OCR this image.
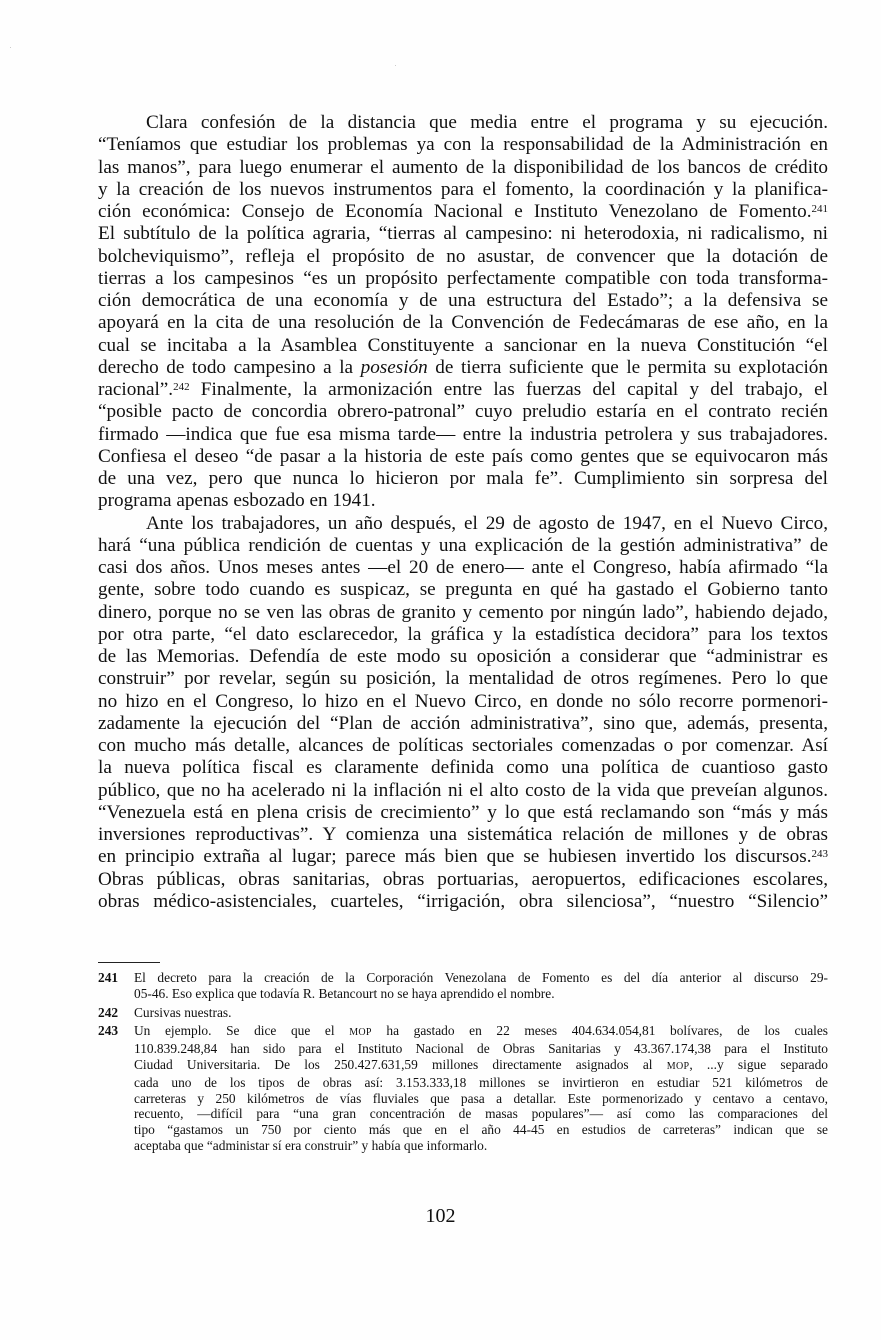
Clara confesión de la distancia que media entre el programa y su ejecución.
“Teníamos que estudiar los problemas ya con la responsabilidad de la Administración en
las manos”, para luego enumerar el aumento de la disponibilidad de los bancos de crédito
y la creación de los nuevos instrumentos para el fomento, la coordinación y la planifica-
ción económica: Consejo de Economía Nacional e Instituto Venezolano de Fomento.$^{241}$
El subtítulo de la política agraria, “tierras al campesino: ni heterodoxia, ni radicalismo, ni
bolcheviquismo”, refleja el propósito de no asustar, de convencer que la dotación de
tierras a los campesinos “es un propósito perfectamente compatible con toda transforma-
ción democrática de una economía y de una estructura del Estado”; a la defensiva se
apoyará en la cita de una resolución de la Convención de Fedecámaras de ese año, en la
cual se incitaba a la Asamblea Constituyente a sancionar en la nueva Constitución “el
derecho de todo campesino a la posesión de tierra suficiente que le permita su explotación
racional”.$^{242}$ Finalmente, la armonización entre las fuerzas del capital y del trabajo, el
“posible pacto de concordia obrero-patronal” cuyo preludio estaría en el contrato recién
firmado —indica que fue esa misma tarde— entre la industria petrolera y sus trabajadores.
Confiesa el deseo “de pasar a la historia de este país como gentes que se equivocaron más
de una vez, pero que nunca lo hicieron por mala fe”. Cumplimiento sin sorpresa del
programa apenas esbozado en 1941.
Ante los trabajadores, un año después, el 29 de agosto de 1947, en el Nuevo Circo,
hará “una pública rendición de cuentas y una explicación de la gestión administrativa” de
casi dos años. Unos meses antes —el 20 de enero— ante el Congreso, había afirmado “la
gente, sobre todo cuando es suspicaz, se pregunta en qué ha gastado el Gobierno tanto
dinero, porque no se ven las obras de granito y cemento por ningún lado”, habiendo dejado,
por otra parte, “el dato esclarecedor, la gráfica y la estadística decidora” para los textos
de las Memorias. Defendía de este modo su oposición a considerar que “administrar es
construir” por revelar, según su posición, la mentalidad de otros regímenes. Pero lo que
no hizo en el Congreso, lo hizo en el Nuevo Circo, en donde no sólo recorre pormenori-
zadamente la ejecución del “Plan de acción administrativa”, sino que, además, presenta,
con mucho más detalle, alcances de políticas sectoriales comenzadas o por comenzar. Así
la nueva política fiscal es claramente definida como una política de cuantioso gasto
público, que no ha acelerado ni la inflación ni el alto costo de la vida que preveían algunos.
“Venezuela está en plena crisis de crecimiento” y lo que está reclamando son “más y más
inversiones reproductivas”. Y comienza una sistemática relación de millones y de obras
en principio extraña al lugar; parece más bien que se hubiesen invertido los discursos.$^{243}$
Obras públicas, obras sanitarias, obras portuarias, aeropuertos, edificaciones escolares,
obras médico-asistenciales, cuarteles, “irrigación, obra silenciosa”, “nuestro “Silencio”
241 El decreto para la creación de la Corporación Venezolana de Fomento es del día anterior al discurso 29-
05-46. Eso explica que todavía R. Betancourt no se haya aprendido el nombre.
242 Cursivas nuestras.
243 Un ejemplo. Se dice que el MOP ha gastado en 22 meses 404.634.054,81 bolívares, de los cuales
110.839.248,84 han sido para el Instituto Nacional de Obras Sanitarias y 43.367.174,38 para el Instituto
Ciudad Universitaria. De los 250.427.631,59 millones directamente asignados al MOP, ...y sigue separado
cada uno de los tipos de obras así: 3.153.333,18 millones se invirtieron en estudiar 521 kilómetros de
carreteras y 250 kilómetros de vías fluviales que pasa a detallar. Este pormenorizado y centavo a centavo,
recuento, —difícil para “una gran concentración de masas populares”— así como las comparaciones del
tipo “gastamos un 750 por ciento más que en el año 44-45 en estudios de carreteras” indican que se
aceptaba que “administar sí era construir” y había que informarlo.
102
